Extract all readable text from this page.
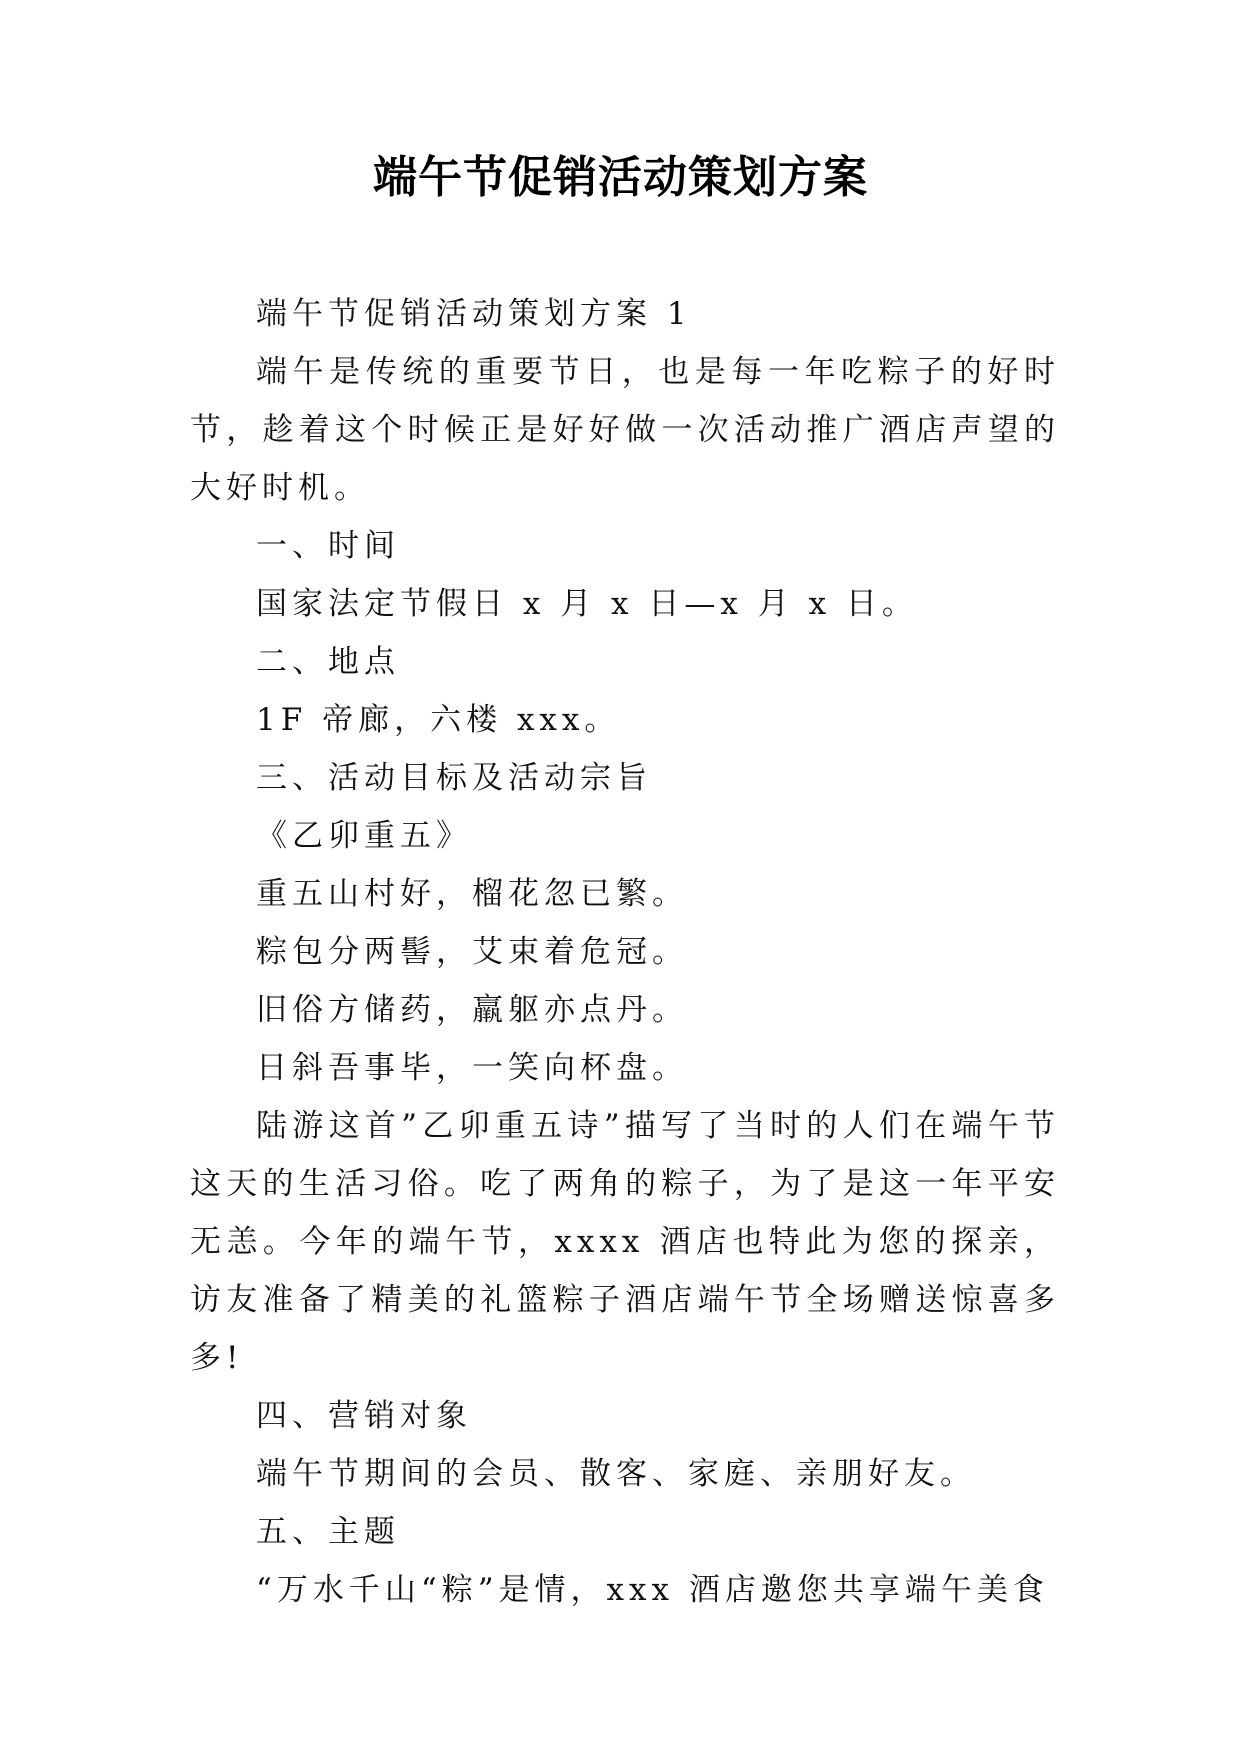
端午节促销活动策划方案

端午节促销活动策划方案 1

端午是传统的重要节日，也是每一年吃粽子的好时节，趁着这个时候正是好好做一次活动推广酒店声望的大好时机。

一、时间

国家法定节假日 x 月 x 日—x 月 x 日。

二、地点

1F 帝廊，六楼 xxx。

三、活动目标及活动宗旨

《乙卯重五》

重五山村好，榴花忽已繁。

粽包分两髻，艾束着危冠。

旧俗方储药，羸躯亦点丹。

日斜吾事毕，一笑向杯盘。

陆游这首”乙卯重五诗”描写了当时的人们在端午节这天的生活习俗。吃了两角的粽子，为了是这一年平安无恙。今年的端午节，xxxx 酒店也特此为您的探亲，访友准备了精美的礼篮粽子酒店端午节全场赠送惊喜多多!

四、营销对象

端午节期间的会员、散客、家庭、亲朋好友。

五、主题

“万水千山“粽”是情，xxx 酒店邀您共享端午美食
